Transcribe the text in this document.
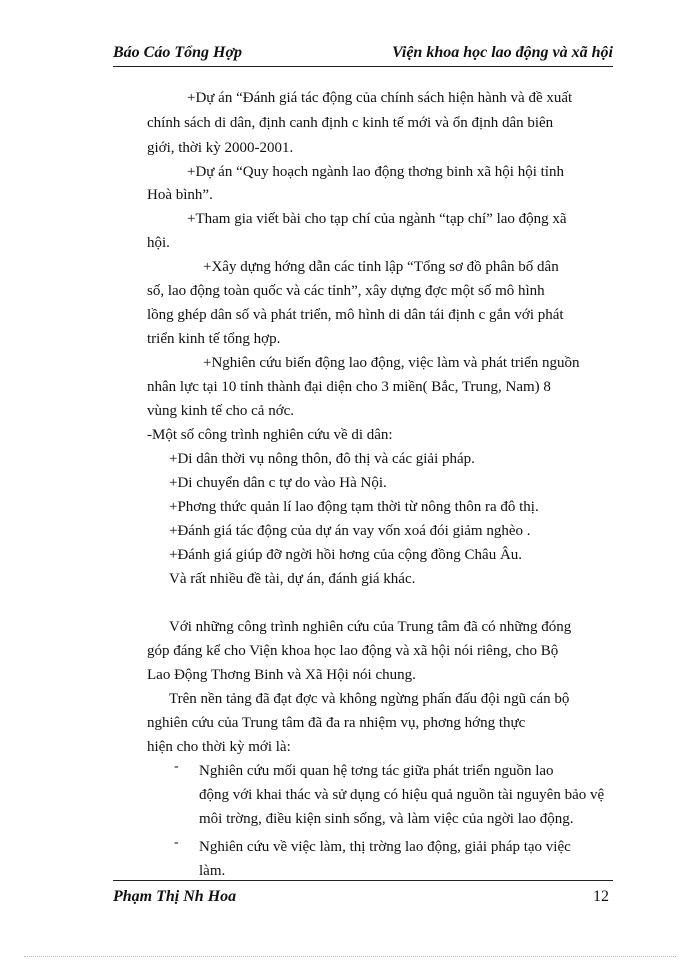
Báo Cáo Tổng Hợp	Viện khoa học lao động và xã hội
+Dự án “Đánh giá tác động của chính sách hiện hành và đề xuất
chính sách di dân, định canh định c kinh tế mới và ổn định dân biên
giới, thời kỳ 2000-2001.
+Dự án “Quy hoạch ngành lao động thơng binh xã hội hội tỉnh
Hoà bình”.
+Tham gia viết bài cho tạp chí của ngành “tạp chí” lao động xã
hội.
+Xây dựng hớng dẫn các tỉnh lập “Tổng sơ đồ phân bố dân
số, lao động toàn quốc và các tỉnh”, xây dựng đợc một số mô hình
lồng ghép dân số và phát triển, mô hình di dân tái định c gắn với phát
triển kinh tế tổng hợp.
+Nghiên cứu biến động lao động, việc làm và phát triển nguồn
nhân lực tại 10 tỉnh thành đại diện cho 3 miền( Bắc, Trung, Nam) 8
vùng kinh tế cho cả nớc.
-Một số công trình nghiên cứu về di dân:
+Di dân thời vụ nông thôn, đô thị và các giải pháp.
+Di chuyển dân c tự do vào Hà Nội.
+Phơng thức quản lí lao động tạm thời từ nông thôn ra đô thị.
+Đánh giá tác động của dự án vay vốn xoá đói giảm nghèo .
+Đánh giá giúp đỡ ngời hồi hơng của cộng đồng Châu Âu.
Và rất nhiều đề tài, dự án, đánh giá khác.
Với những công trình nghiên cứu của Trung tâm đã có những đóng
góp đáng kể cho Viện khoa học lao động và xã hội nói riêng, cho Bộ
Lao Động Thơng Binh và Xã Hội nói chung.
Trên nền tảng đã đạt đợc và không ngừng phấn đấu đội ngũ cán bộ
nghiên cứu của Trung tâm đã đa ra nhiệm vụ, phơng hớng thực
hiện cho thời kỳ mới là:
- Nghiên cứu mối quan hệ tơng tác giữa phát triển nguồn lao
động với khai thác và sử dụng có hiệu quả nguồn tài nguyên bảo vệ
môi trờng, điều kiện sinh sống, và làm việc của ngời lao động.
- Nghiên cứu về việc làm, thị trờng lao động, giải pháp tạo việc
làm.
Phạm Thị Nh Hoa	12
